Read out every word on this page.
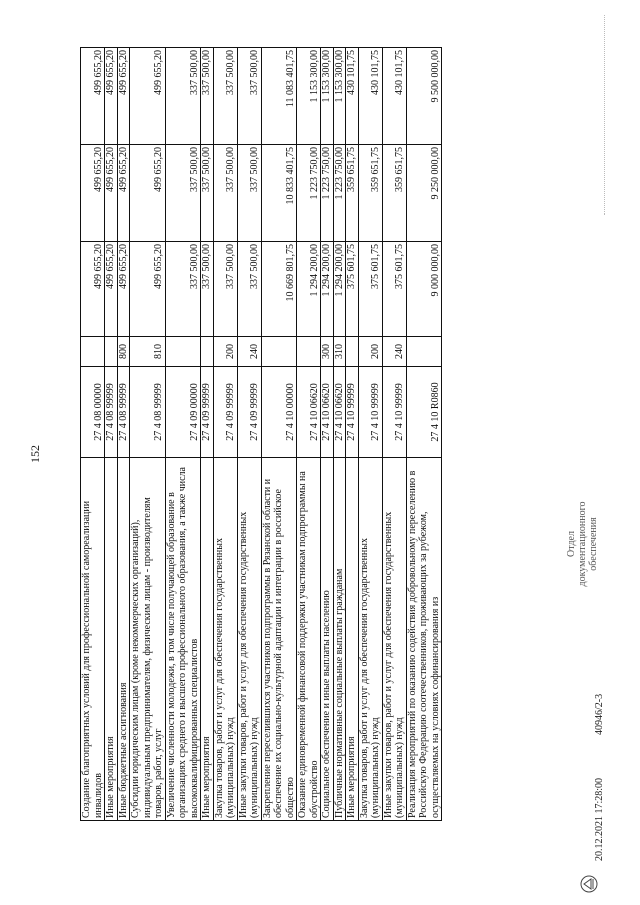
152
Создание благоприятных условий для профессиональной самореализации инвалидов	27 4 08 00000		499 655,20	499 655,20	499 655,20
Иные мероприятия	27 4 08 99999		499 655,20	499 655,20	499 655,20
Иные бюджетные ассигнования	27 4 08 99999	800	499 655,20	499 655,20	499 655,20
Субсидии юридическим лицам (кроме некоммерческих организаций), индивидуальным предпринимателям, физическим лицам - производителям товаров, работ, услуг	27 4 08 99999	810	499 655,20	499 655,20	499 655,20
Увеличение численности молодежи, в том числе получающей образование в организациях среднего и высшего профессионального образования, а также числа высококвалифицированных специалистов	27 4 09 00000		337 500,00	337 500,00	337 500,00
Иные мероприятия	27 4 09 99999		337 500,00	337 500,00	337 500,00
Закупка товаров, работ и услуг для обеспечения государственных (муниципальных) нужд	27 4 09 99999	200	337 500,00	337 500,00	337 500,00
Иные закупки товаров, работ и услуг для обеспечения государственных (муниципальных) нужд	27 4 09 99999	240	337 500,00	337 500,00	337 500,00
Закрепление переселившихся участников подпрограммы в Рязанской области и обеспечение их социально-культурной адаптации и интеграции в российское общество	27 4 10 00000		10 669 801,75	10 833 401,75	11 083 401,75
Оказание единовременной финансовой поддержки участникам подпрограммы на обустройство	27 4 10 06620		1 294 200,00	1 223 750,00	1 153 300,00
Социальное обеспечение и иные выплаты населению	27 4 10 06620	300	1 294 200,00	1 223 750,00	1 153 300,00
Публичные нормативные социальные выплаты гражданам	27 4 10 06620	310	1 294 200,00	1 223 750,00	1 153 300,00
Иные мероприятия	27 4 10 99999		375 601,75	359 651,75	430 101,75
Закупка товаров, работ и услуг для обеспечения государственных (муниципальных) нужд	27 4 10 99999	200	375 601,75	359 651,75	430 101,75
Иные закупки товаров, работ и услуг для обеспечения государственных (муниципальных) нужд	27 4 10 99999	240	375 601,75	359 651,75	430 101,75
Реализация мероприятий по оказанию содействия добровольному переселению в Российскую Федерацию соотечественников, проживающих за рубежом, осуществляемых на условиях софинансирования из	27 4 10 R0860		9 000 000,00	9 250 000,00	9 500 000,00
20.12.2021 17:28:00
40946/2-3
Отдел документационного обеспечения
